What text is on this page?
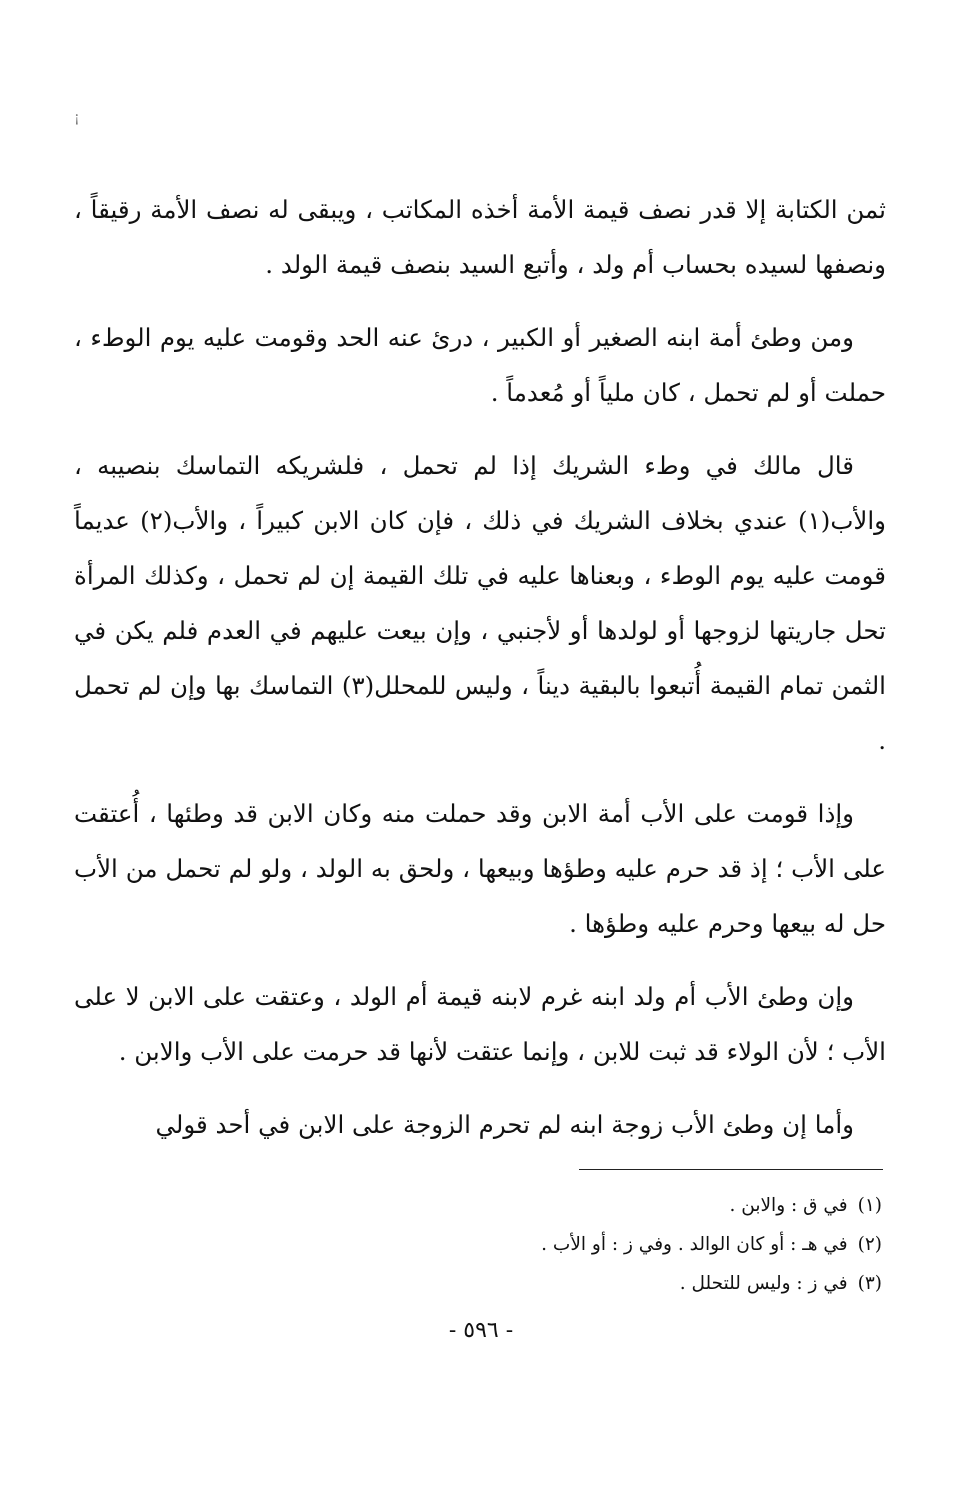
¡

ثمن الكتابة إلا قدر نصف قيمة الأمة أخذه المكاتب ، ويبقى له نصف الأمة رقيقاً ، ونصفها لسيده بحساب أم ولد ، وأتبع السيد بنصف قيمة الولد .

ومن وطئ أمة ابنه الصغير أو الكبير ، درئ عنه الحد وقومت عليه يوم الوطء ، حملت أو لم تحمل ، كان ملياً أو مُعدماً .

قال مالك في وطء الشريك إذا لم تحمل ، فلشريكه التماسك بنصيبه ، والأب(١) عندي بخلاف الشريك في ذلك ، فإن كان الابن كبيراً ، والأب(٢) عديماً قومت عليه يوم الوطء ، وبعناها عليه في تلك القيمة إن لم تحمل ، وكذلك المرأة تحل جاريتها لزوجها أو لولدها أو لأجنبي ، وإن بيعت عليهم في العدم فلم يكن في الثمن تمام القيمة أُتبعوا بالبقية ديناً ، وليس للمحلل(٣) التماسك بها وإن لم تحمل .

وإذا قومت على الأب أمة الابن وقد حملت منه وكان الابن قد وطئها ، أُعتقت على الأب ؛ إذ قد حرم عليه وطؤها وبيعها ، ولحق به الولد ، ولو لم تحمل من الأب حل له بيعها وحرم عليه وطؤها .

وإن وطئ الأب أم ولد ابنه غرم لابنه قيمة أم الولد ، وعتقت على الابن لا على الأب ؛ لأن الولاء قد ثبت للابن ، وإنما عتقت لأنها قد حرمت على الأب والابن .

وأما إن وطئ الأب زوجة ابنه لم تحرم الزوجة على الابن في أحد قولي

(١)في ق : والابن .

(٢)في هـ : أو كان الوالد . وفي ز : أو الأب .

(٣)في ز : وليس للتحلل .

- ٥٩٦ -
